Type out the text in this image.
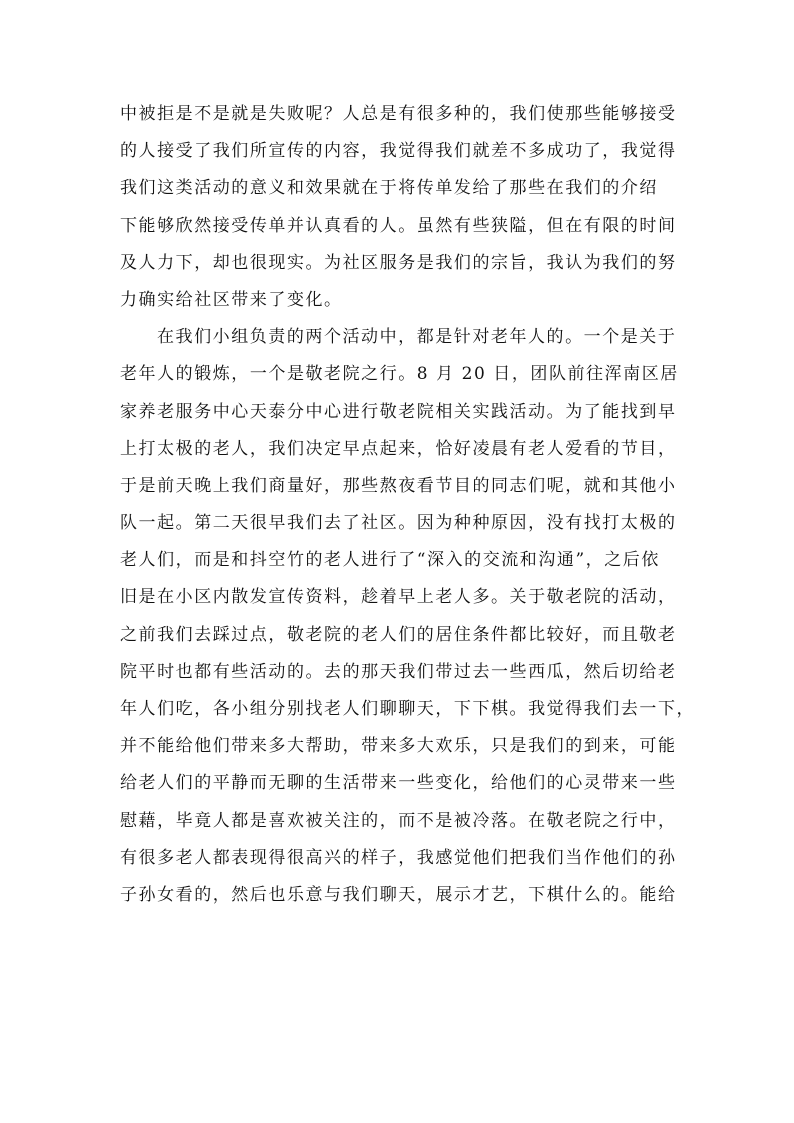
中被拒是不是就是失败呢？人总是有很多种的，我们使那些能够接受
的人接受了我们所宣传的内容，我觉得我们就差不多成功了，我觉得
我们这类活动的意义和效果就在于将传单发给了那些在我们的介绍
下能够欣然接受传单并认真看的人。虽然有些狭隘，但在有限的时间
及人力下，却也很现实。为社区服务是我们的宗旨，我认为我们的努
力确实给社区带来了变化。
在我们小组负责的两个活动中，都是针对老年人的。一个是关于
老年人的锻炼，一个是敬老院之行。8 月 20 日，团队前往浑南区居
家养老服务中心天泰分中心进行敬老院相关实践活动。为了能找到早
上打太极的老人，我们决定早点起来，恰好凌晨有老人爱看的节目，
于是前天晚上我们商量好，那些熬夜看节目的同志们呢，就和其他小
队一起。第二天很早我们去了社区。因为种种原因，没有找打太极的
老人们，而是和抖空竹的老人进行了“深入的交流和沟通”，之后依
旧是在小区内散发宣传资料，趁着早上老人多。关于敬老院的活动，
之前我们去踩过点，敬老院的老人们的居住条件都比较好，而且敬老
院平时也都有些活动的。去的那天我们带过去一些西瓜，然后切给老
年人们吃，各小组分别找老人们聊聊天，下下棋。我觉得我们去一下，
并不能给他们带来多大帮助，带来多大欢乐，只是我们的到来，可能
给老人们的平静而无聊的生活带来一些变化，给他们的心灵带来一些
慰藉，毕竟人都是喜欢被关注的，而不是被冷落。在敬老院之行中，
有很多老人都表现得很高兴的样子，我感觉他们把我们当作他们的孙
子孙女看的，然后也乐意与我们聊天，展示才艺，下棋什么的。能给
